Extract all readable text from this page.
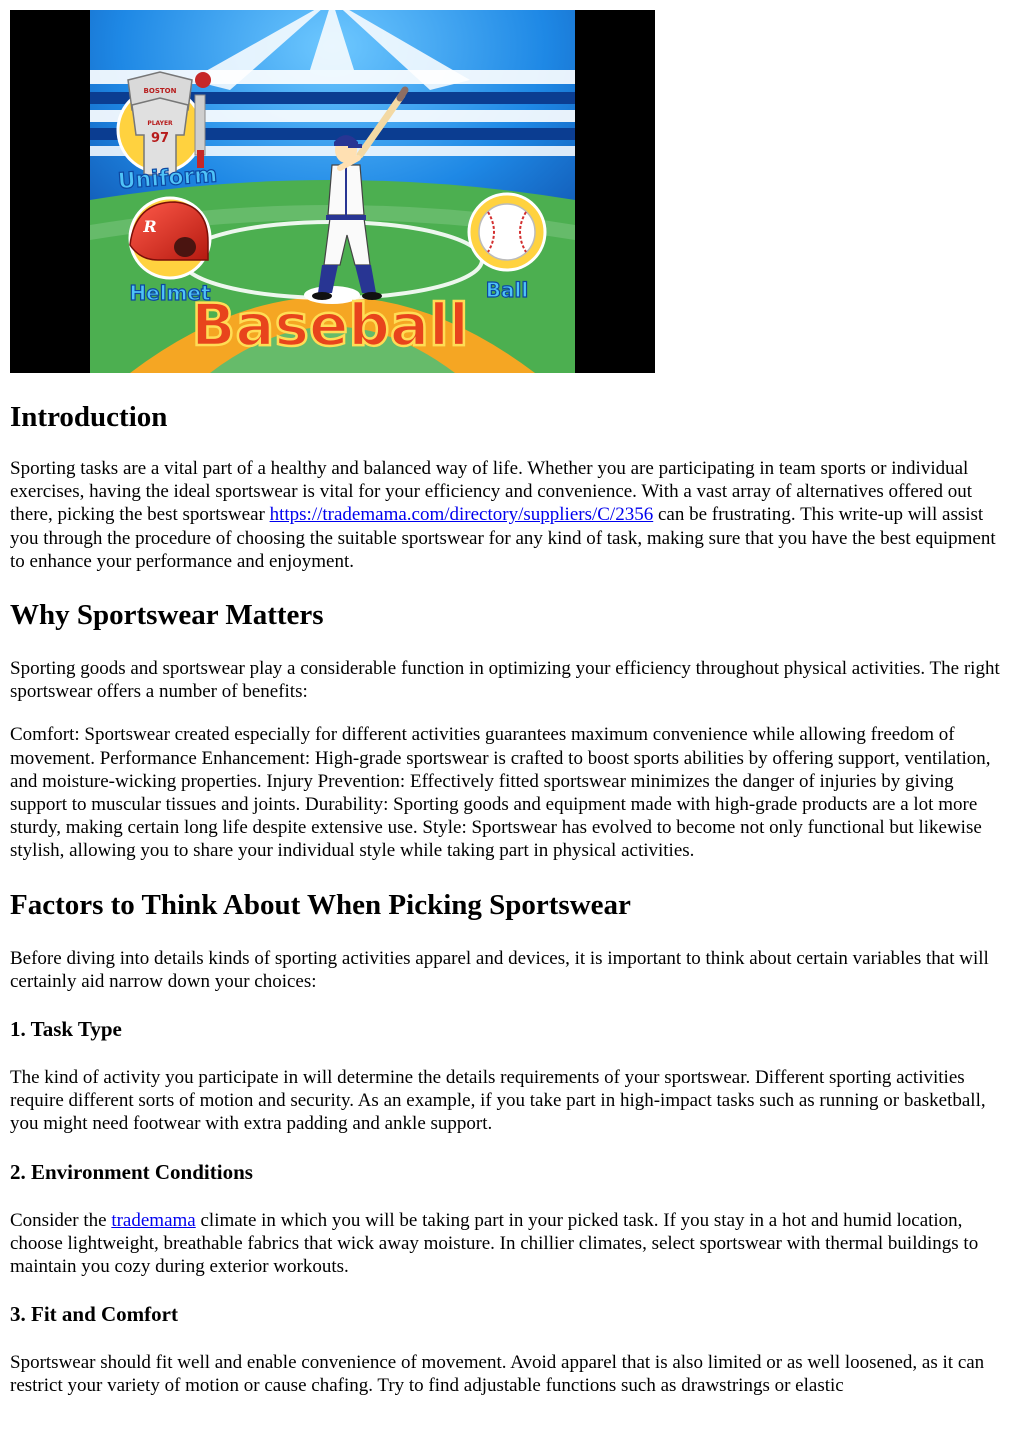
BOSTON
PLAYER
97
Uniform
R
Helmet	Ball
Baseball
Introduction

Sporting tasks are a vital part of a healthy and balanced way of life. Whether you are participating in team sports or individual exercises, having the ideal sportswear is vital for your efficiency and convenience. With a vast array of alternatives offered out there, picking the best sportswear https://trademama.com/directory/suppliers/C/2356 can be frustrating. This write-up will assist you through the procedure of choosing the suitable sportswear for any kind of task, making sure that you have the best equipment to enhance your performance and enjoyment.

Why Sportswear Matters

Sporting goods and sportswear play a considerable function in optimizing your efficiency throughout physical activities. The right sportswear offers a number of benefits:

Comfort: Sportswear created especially for different activities guarantees maximum convenience while allowing freedom of movement. Performance Enhancement: High-grade sportswear is crafted to boost sports abilities by offering support, ventilation, and moisture-wicking properties. Injury Prevention: Effectively fitted sportswear minimizes the danger of injuries by giving support to muscular tissues and joints. Durability: Sporting goods and equipment made with high-grade products are a lot more sturdy, making certain long life despite extensive use. Style: Sportswear has evolved to become not only functional but likewise stylish, allowing you to share your individual style while taking part in physical activities.

Factors to Think About When Picking Sportswear

Before diving into details kinds of sporting activities apparel and devices, it is important to think about certain variables that will certainly aid narrow down your choices:

1. Task Type

The kind of activity you participate in will determine the details requirements of your sportswear. Different sporting activities require different sorts of motion and security. As an example, if you take part in high-impact tasks such as running or basketball, you might need footwear with extra padding and ankle support.

2. Environment Conditions

Consider the trademama climate in which you will be taking part in your picked task. If you stay in a hot and humid location, choose lightweight, breathable fabrics that wick away moisture. In chillier climates, select sportswear with thermal buildings to maintain you cozy during exterior workouts.

3. Fit and Comfort

Sportswear should fit well and enable convenience of movement. Avoid apparel that is also limited or as well loosened, as it can restrict your variety of motion or cause chafing. Try to find adjustable functions such as drawstrings or elastic
